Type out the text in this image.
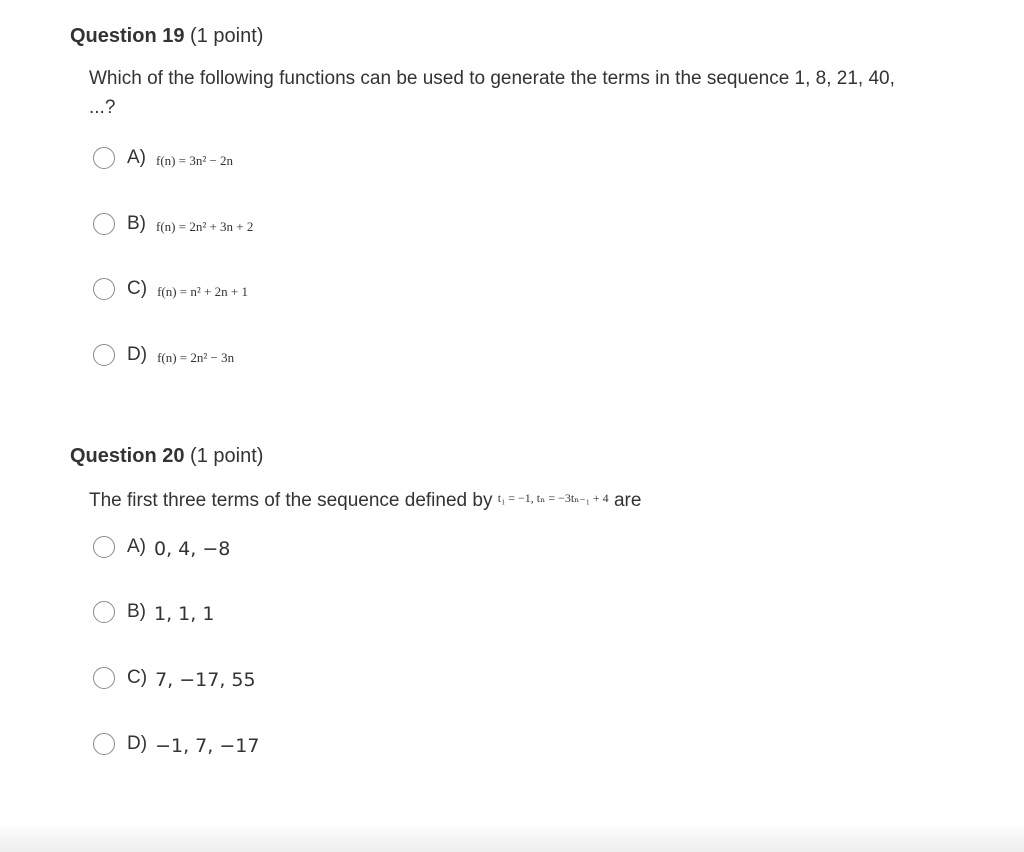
Question 19 (1 point)

Which of the following functions can be used to generate the terms in the sequence 1, 8, 21, 40, ...?
A) f(n) = 3n² − 2n
B) f(n) = 2n² + 3n + 2
C) f(n) = n² + 2n + 1
D) f(n) = 2n² − 3n

Question 20 (1 point)

The first three terms of the sequence defined by $^{t_1 = -1, t_n = -3t_{n-1} + 4}$ are
A) 0, 4, −8
B) 1, 1, 1
C) 7, −17, 55
D) −1, 7, −17
